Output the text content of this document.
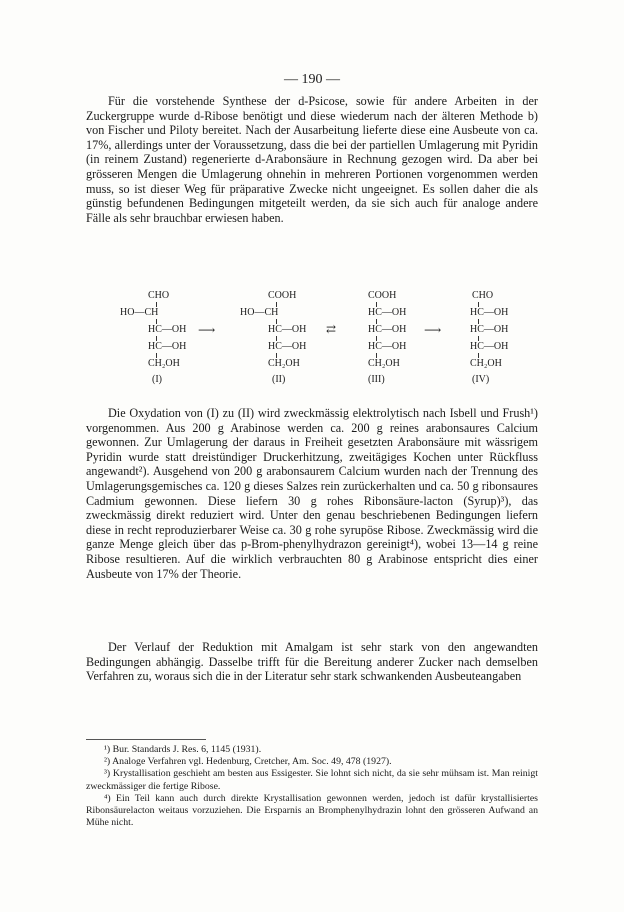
— 190 —

Für die vorstehende Synthese der d-Psicose, sowie für andere Arbeiten in der Zuckergruppe wurde d-Ribose benötigt und diese wiederum nach der älteren Methode b) von Fischer und Piloty bereitet. Nach der Ausarbeitung lieferte diese eine Ausbeute von ca. 17%, allerdings unter der Voraussetzung, dass die bei der partiellen Umlagerung mit Pyridin (in reinem Zustand) regenerierte d-Arabonsäure in Rechnung gezogen wird. Da aber bei grösseren Mengen die Umlagerung ohnehin in mehreren Portionen vorgenommen werden muss, so ist dieser Weg für präparative Zwecke nicht ungeeignet. Es sollen daher die als günstig befundenen Bedingungen mitgeteilt werden, da sie sich auch für analoge andere Fälle als sehr brauchbar erwiesen haben.

CHO
HO—CH
HC—OH
HC—OH
CH₂OH
(I)
⟶
COOH
HO—CH
HC—OH
HC—OH
CH₂OH
(II)
⇄
COOH
HC—OH
HC—OH
HC—OH
CH₂OH
(III)
⟶
CHO
HC—OH
HC—OH
HC—OH
CH₂OH
(IV)

Die Oxydation von (I) zu (II) wird zweckmässig elektrolytisch nach Isbell und Frush¹) vorgenommen. Aus 200 g Arabinose werden ca. 200 g reines arabonsaures Calcium gewonnen. Zur Umlagerung der daraus in Freiheit gesetzten Arabonsäure mit wässrigem Pyridin wurde statt dreistündiger Druckerhitzung, zweitägiges Kochen unter Rückfluss angewandt²). Ausgehend von 200 g arabonsaurem Calcium wurden nach der Trennung des Umlagerungsgemisches ca. 120 g dieses Salzes rein zurückerhalten und ca. 50 g ribonsaures Cadmium gewonnen. Diese liefern 30 g rohes Ribonsäure-lacton (Syrup)³), das zweckmässig direkt reduziert wird. Unter den genau beschriebenen Bedingungen liefern diese in recht reproduzierbarer Weise ca. 30 g rohe syrupöse Ribose. Zweckmässig wird die ganze Menge gleich über das p-Brom-phenylhydrazon gereinigt⁴), wobei 13—14 g reine Ribose resultieren. Auf die wirklich verbrauchten 80 g Arabinose entspricht dies einer Ausbeute von 17% der Theorie.

Der Verlauf der Reduktion mit Amalgam ist sehr stark von den angewandten Bedingungen abhängig. Dasselbe trifft für die Bereitung anderer Zucker nach demselben Verfahren zu, woraus sich die in der Literatur sehr stark schwankenden Ausbeuteangaben

¹) Bur. Standards J. Res. 6, 1145 (1931).

²) Analoge Verfahren vgl. Hedenburg, Cretcher, Am. Soc. 49, 478 (1927).

³) Krystallisation geschieht am besten aus Essigester. Sie lohnt sich nicht, da sie sehr mühsam ist. Man reinigt zweckmässiger die fertige Ribose.

⁴) Ein Teil kann auch durch direkte Krystallisation gewonnen werden, jedoch ist dafür krystallisiertes Ribonsäurelacton weitaus vorzuziehen. Die Ersparnis an Bromphenylhydrazin lohnt den grösseren Aufwand an Mühe nicht.
